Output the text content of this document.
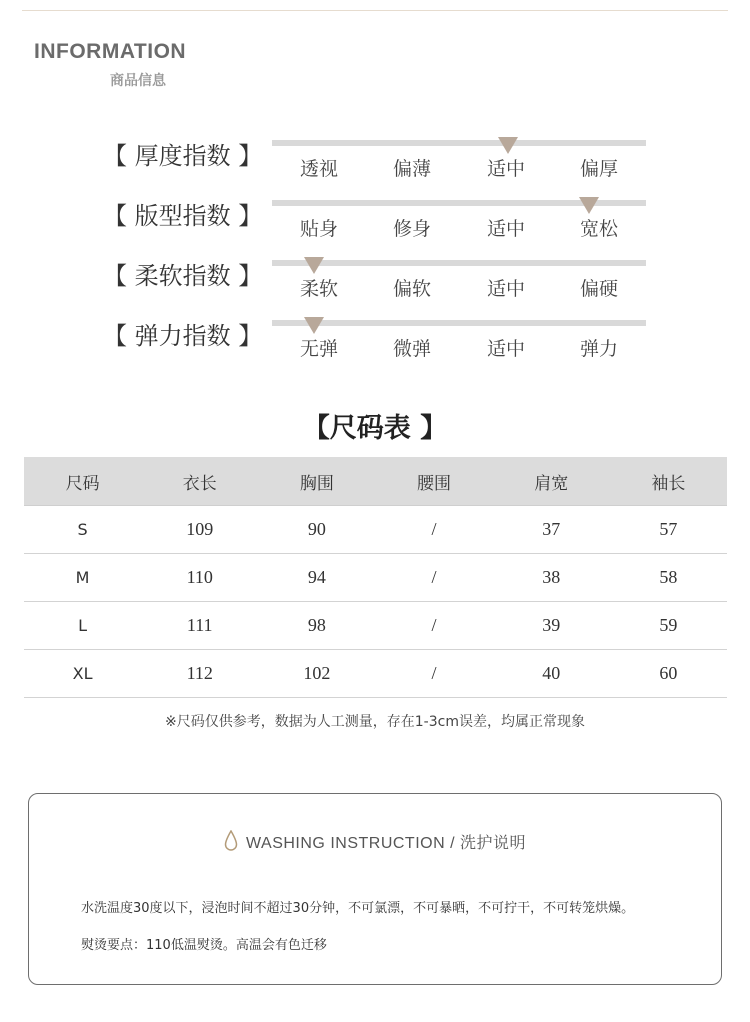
INFORMATION
商品信息
【 厚度指数 】	透视	偏薄	适中	偏厚
【 版型指数 】	贴身	修身	适中	宽松
【 柔软指数 】	柔软	偏软	适中	偏硬
【 弹力指数 】	无弹	微弹	适中	弹力
【尺码表 】
尺码	衣长	胸围	腰围	肩宽	袖长
S	109	90	/	37	57
M	110	94	/	38	58
L	111	98	/	39	59
XL	112	102	/	40	60
※尺码仅供参考，数据为人工测量，存在1-3cm误差，均属正常现象
WASHING INSTRUCTION / 洗护说明
水洗温度30度以下，浸泡时间不超过30分钟，不可氯漂，不可暴晒，不可拧干，不可转笼烘燥。
熨烫要点：110低温熨烫。高温会有色迁移
